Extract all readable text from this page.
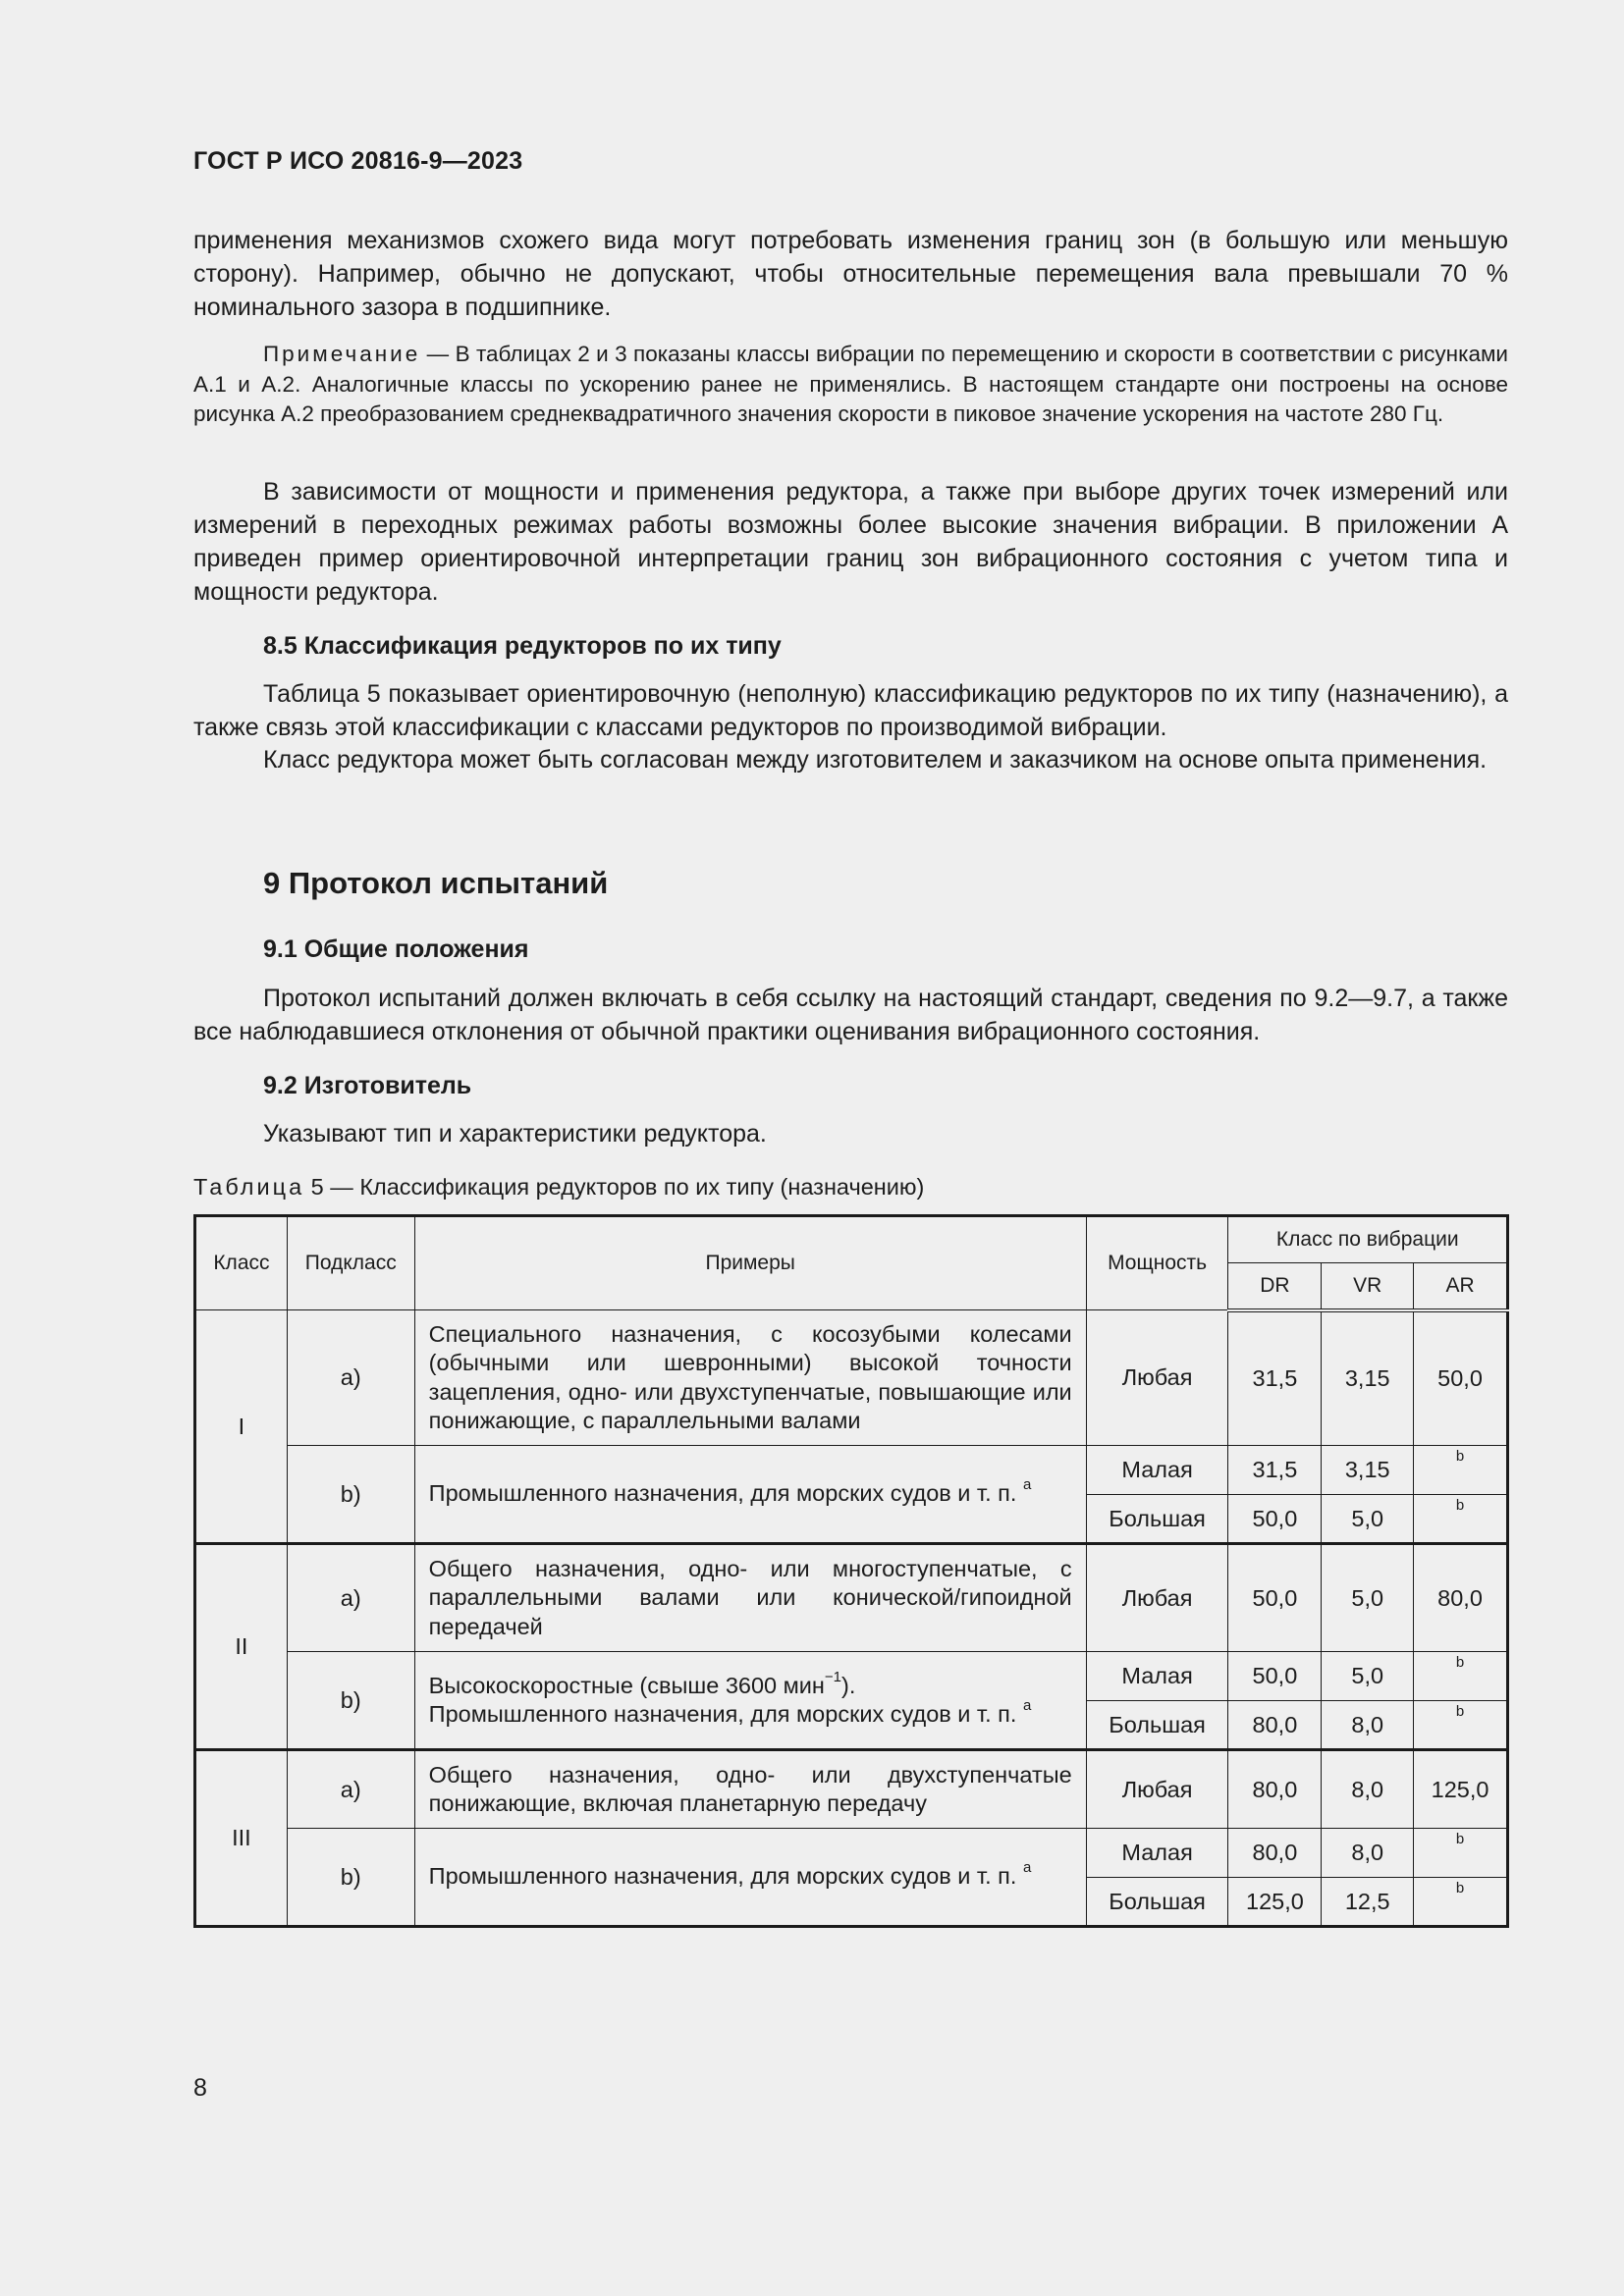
ГОСТ Р ИСО 20816-9—2023

применения механизмов схожего вида могут потребовать изменения границ зон (в большую или меньшую сторону). Например, обычно не допускают, чтобы относительные перемещения вала превышали 70 % номинального зазора в подшипнике.

Примечание — В таблицах 2 и 3 показаны классы вибрации по перемещению и скорости в соответствии с рисунками А.1 и А.2. Аналогичные классы по ускорению ранее не применялись. В настоящем стандарте они построены на основе рисунка А.2 преобразованием среднеквадратичного значения скорости в пиковое значение ускорения на частоте 280 Гц.

В зависимости от мощности и применения редуктора, а также при выборе других точек измерений или измерений в переходных режимах работы возможны более высокие значения вибрации. В приложении А приведен пример ориентировочной интерпретации границ зон вибрационного состояния с учетом типа и мощности редуктора.

8.5 Классификация редукторов по их типу

Таблица 5 показывает ориентировочную (неполную) классификацию редукторов по их типу (назначению), а также связь этой классификации с классами редукторов по производимой вибрации.

Класс редуктора может быть согласован между изготовителем и заказчиком на основе опыта применения.

9 Протокол испытаний
9.1 Общие положения

Протокол испытаний должен включать в себя ссылку на настоящий стандарт, сведения по 9.2—9.7, а также все наблюдавшиеся отклонения от обычной практики оценивания вибрационного состояния.

9.2 Изготовитель

Указывают тип и характеристики редуктора.

Таблица 5 — Классификация редукторов по их типу (назначению)
Класс	Подкласс	Примеры	Мощность	Класс по вибрации		
				DR	VR	AR
I	a)	Специального назначения, с косозубыми колесами (обычными или шевронными) высокой точности зацепления, одно- или двухступенчатые, повышающие или понижающие, с параллельными валами	Любая	31,5	3,15	50,0
	b)	Промышленного назначения, для морских судов и т. п. $^a$	Малая	31,5	3,15	$^b$
			Большая	50,0	5,0	$^b$
II	a)	Общего назначения, одно- или многоступенчатые, с параллельными валами или конической/гипоидной передачей	Любая	50,0	5,0	80,0
	b)	Высокоскоростные (свыше 3600 мин$^{-1}$).
Промышленного назначения, для морских судов и т. п. $^a$	Малая	50,0	5,0	$^b$
			Большая	80,0	8,0	$^b$
III	a)	Общего назначения, одно- или двухступенчатые понижающие, включая планетарную передачу	Любая	80,0	8,0	125,0
	b)	Промышленного назначения, для морских судов и т. п. $^a$	Малая	80,0	8,0	$^b$
			Большая	125,0	12,5	$^b$
8
